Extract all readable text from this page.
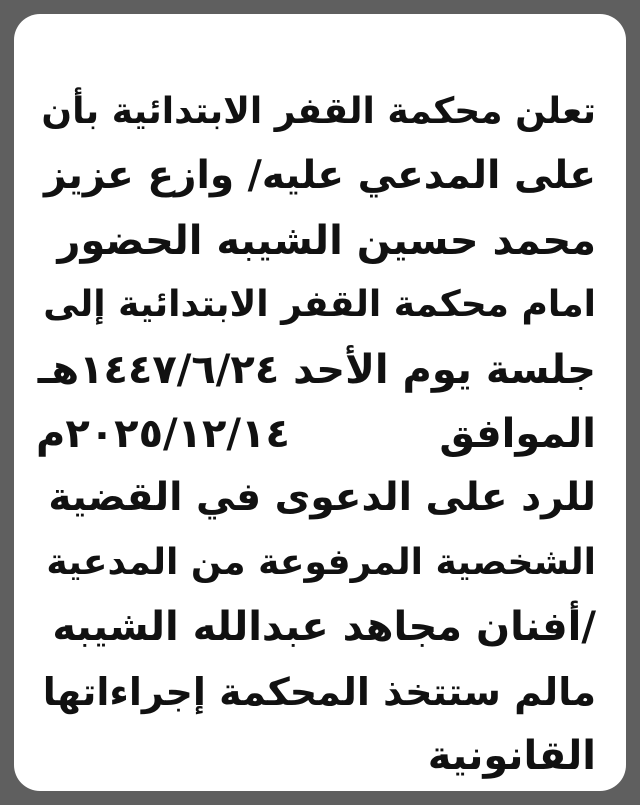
تعلن محكمة القفر الابتدائية بأن
على المدعي عليه/ وازع عزيز
محمد حسين الشيبه الحضور
امام محكمة القفر الابتدائية إلى
جلسة يوم الأحد ١٤٤٧/٦/٢٤هـ
الموافق
٢٠٢٥/١٢/١٤م
للرد على الدعوى في القضية
الشخصية المرفوعة من المدعية
/أفنان مجاهد عبدالله الشيبه
مالم ستتخذ المحكمة إجراءاتها
القانونية
